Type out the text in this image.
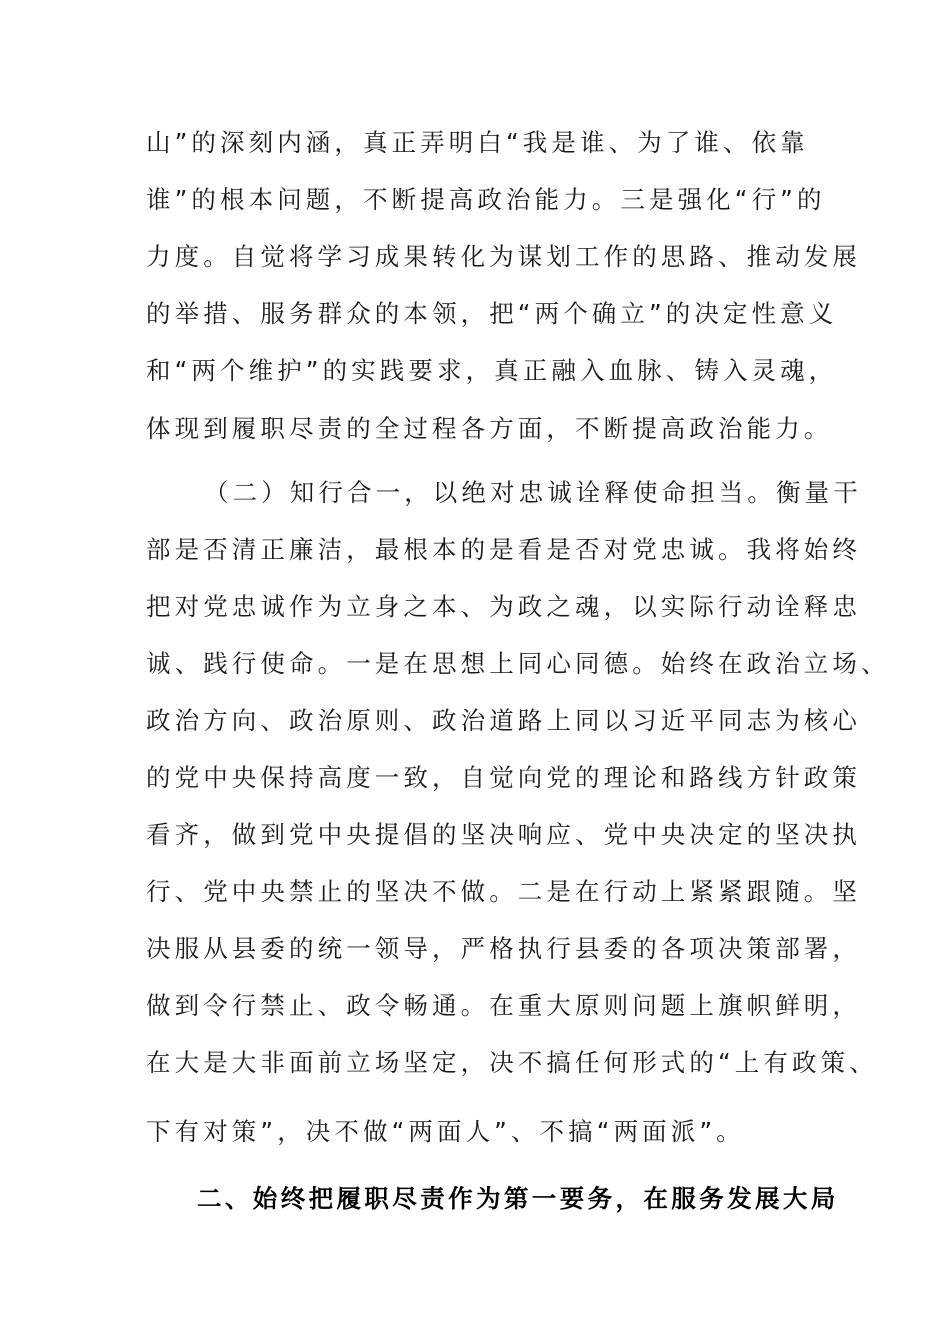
山”的深刻内涵，真正弄明白“我是谁、为了谁、依靠
谁”的根本问题，不断提高政治能力。三是强化“行”的
力度。自觉将学习成果转化为谋划工作的思路、推动发展
的举措、服务群众的本领，把“两个确立”的决定性意义
和“两个维护”的实践要求，真正融入血脉、铸入灵魂，
体现到履职尽责的全过程各方面，不断提高政治能力。
（二）知行合一，以绝对忠诚诠释使命担当。衡量干
部是否清正廉洁，最根本的是看是否对党忠诚。我将始终
把对党忠诚作为立身之本、为政之魂，以实际行动诠释忠
诚、践行使命。一是在思想上同心同德。始终在政治立场、
政治方向、政治原则、政治道路上同以习近平同志为核心
的党中央保持高度一致，自觉向党的理论和路线方针政策
看齐，做到党中央提倡的坚决响应、党中央决定的坚决执
行、党中央禁止的坚决不做。二是在行动上紧紧跟随。坚
决服从县委的统一领导，严格执行县委的各项决策部署，
做到令行禁止、政令畅通。在重大原则问题上旗帜鲜明，
在大是大非面前立场坚定，决不搞任何形式的“上有政策、
下有对策”，决不做“两面人”、不搞“两面派”。
二、始终把履职尽责作为第一要务，在服务发展大局
